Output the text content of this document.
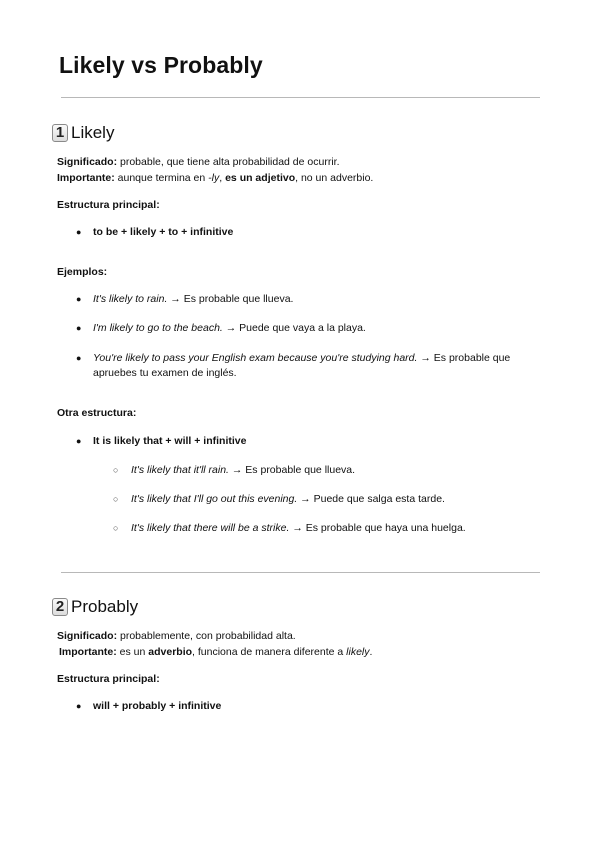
Likely vs Probably
1 Likely
Significado: probable, que tiene alta probabilidad de ocurrir.
Importante: aunque termina en -ly, es un adjetivo, no un adverbio.
Estructura principal:
● to be + likely + to + infinitive
Ejemplos:
● It's likely to rain. → Es probable que llueva.
● I'm likely to go to the beach. → Puede que vaya a la playa.
● You're likely to pass your English exam because you're studying hard. → Es probable que
apruebes tu examen de inglés.
Otra estructura:
● It is likely that + will + infinitive
○ It's likely that it'll rain. → Es probable que llueva.
○ It's likely that I'll go out this evening. → Puede que salga esta tarde.
○ It's likely that there will be a strike. → Es probable que haya una huelga.
2 Probably
Significado: probablemente, con probabilidad alta.
Importante: es un adverbio, funciona de manera diferente a likely.
Estructura principal:
● will + probably + infinitive
